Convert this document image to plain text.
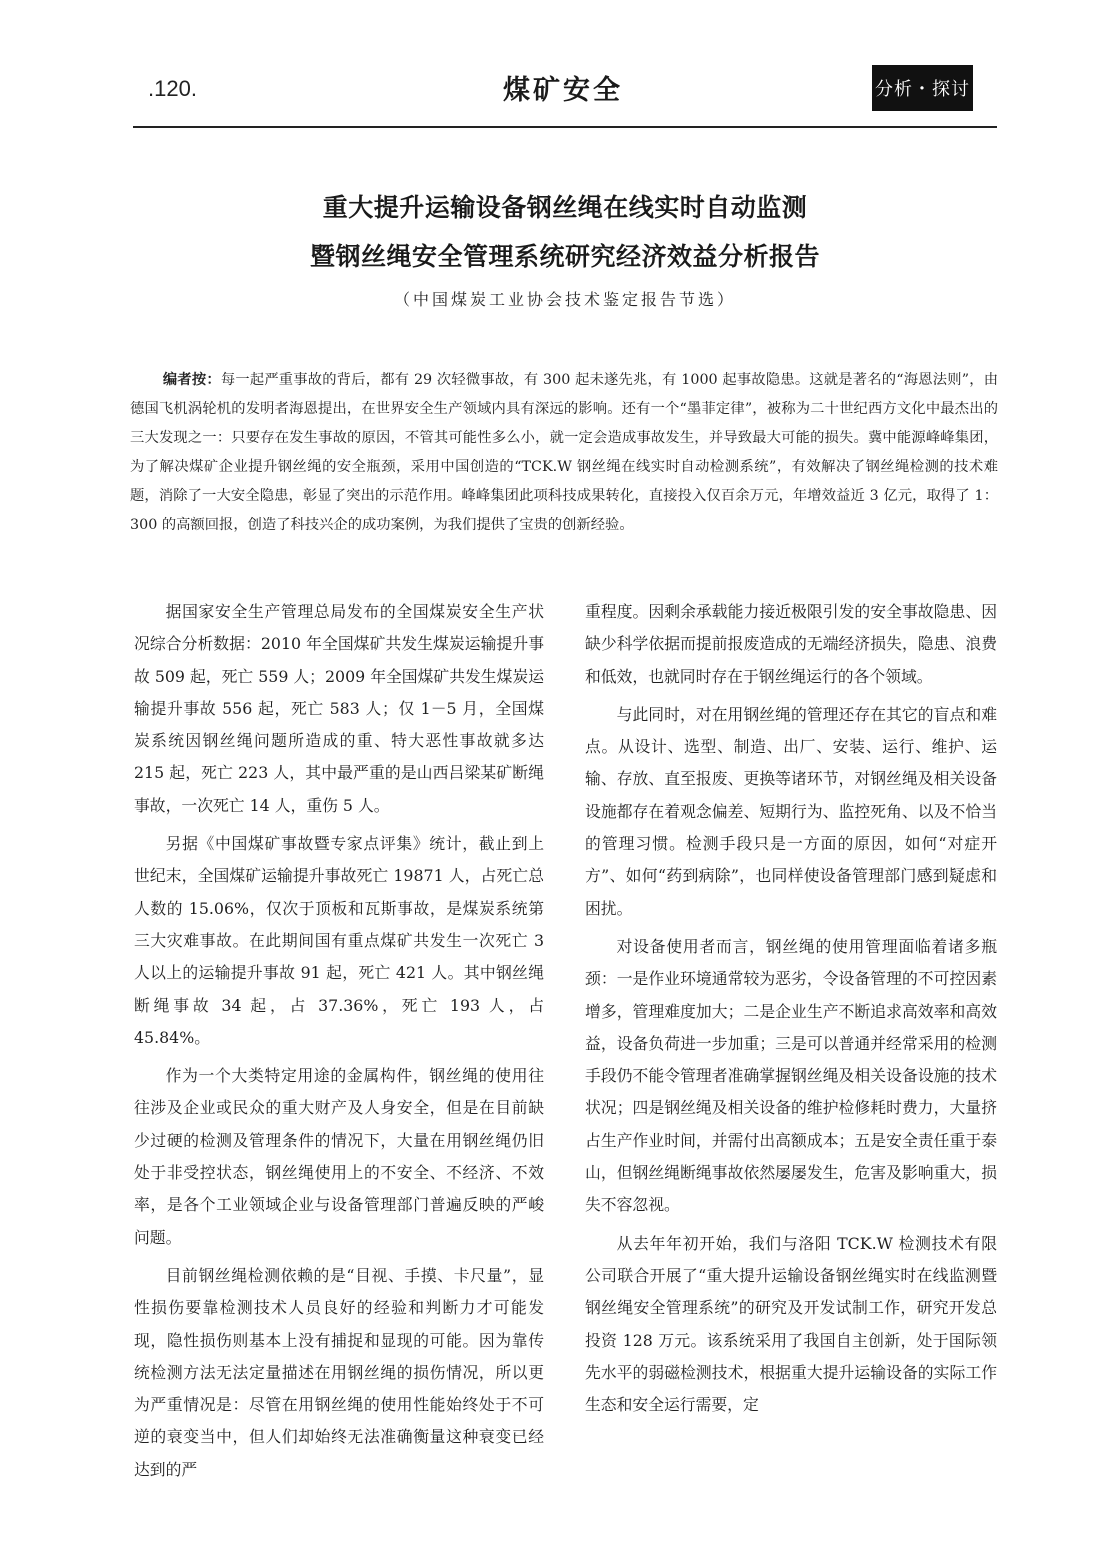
.120.	煤矿安全	分析・探讨
重大提升运输设备钢丝绳在线实时自动监测
暨钢丝绳安全管理系统研究经济效益分析报告
（中国煤炭工业协会技术鉴定报告节选）
编者按：每一起严重事故的背后，都有 29 次轻微事故，有 300 起未遂先兆，有 1000 起事故隐患。这就是著名的“海恩法则”，由德国飞机涡轮机的发明者海恩提出，在世界安全生产领域内具有深远的影响。还有一个“墨菲定律”，被称为二十世纪西方文化中最杰出的三大发现之一：只要存在发生事故的原因，不管其可能性多么小，就一定会造成事故发生，并导致最大可能的损失。冀中能源峰峰集团，为了解决煤矿企业提升钢丝绳的安全瓶颈，采用中国创造的“TCK.W 钢丝绳在线实时自动检测系统”，有效解决了钢丝绳检测的技术难题，消除了一大安全隐患，彰显了突出的示范作用。峰峰集团此项科技成果转化，直接投入仅百余万元，年增效益近 3 亿元，取得了 1：300 的高额回报，创造了科技兴企的成功案例，为我们提供了宝贵的创新经验。

据国家安全生产管理总局发布的全国煤炭安全生产状况综合分析数据：2010 年全国煤矿共发生煤炭运输提升事故 509 起，死亡 559 人；2009 年全国煤矿共发生煤炭运输提升事故 556 起，死亡 583 人；仅 1－5 月，全国煤炭系统因钢丝绳问题所造成的重、特大恶性事故就多达 215 起，死亡 223 人，其中最严重的是山西吕梁某矿断绳事故，一次死亡 14 人，重伤 5 人。

另据《中国煤矿事故暨专家点评集》统计，截止到上世纪末，全国煤矿运输提升事故死亡 19871 人，占死亡总人数的 15.06%，仅次于顶板和瓦斯事故，是煤炭系统第三大灾难事故。在此期间国有重点煤矿共发生一次死亡 3 人以上的运输提升事故 91 起，死亡 421 人。其中钢丝绳断绳事故 34 起，占 37.36%，死亡 193 人，占 45.84%。

作为一个大类特定用途的金属构件，钢丝绳的使用往往涉及企业或民众的重大财产及人身安全，但是在目前缺少过硬的检测及管理条件的情况下，大量在用钢丝绳仍旧处于非受控状态，钢丝绳使用上的不安全、不经济、不效率，是各个工业领域企业与设备管理部门普遍反映的严峻问题。

目前钢丝绳检测依赖的是“目视、手摸、卡尺量”，显性损伤要靠检测技术人员良好的经验和判断力才可能发现，隐性损伤则基本上没有捕捉和显现的可能。因为靠传统检测方法无法定量描述在用钢丝绳的损伤情况，所以更为严重情况是：尽管在用钢丝绳的使用性能始终处于不可逆的衰变当中，但人们却始终无法准确衡量这种衰变已经达到的严

重程度。因剩余承载能力接近极限引发的安全事故隐患、因缺少科学依据而提前报废造成的无端经济损失，隐患、浪费和低效，也就同时存在于钢丝绳运行的各个领域。

与此同时，对在用钢丝绳的管理还存在其它的盲点和难点。从设计、选型、制造、出厂、安装、运行、维护、运输、存放、直至报废、更换等诸环节，对钢丝绳及相关设备设施都存在着观念偏差、短期行为、监控死角、以及不恰当的管理习惯。检测手段只是一方面的原因，如何“对症开方”、如何“药到病除”，也同样使设备管理部门感到疑虑和困扰。

对设备使用者而言，钢丝绳的使用管理面临着诸多瓶颈：一是作业环境通常较为恶劣，令设备管理的不可控因素增多，管理难度加大；二是企业生产不断追求高效率和高效益，设备负荷进一步加重；三是可以普通并经常采用的检测手段仍不能令管理者准确掌握钢丝绳及相关设备设施的技术状况；四是钢丝绳及相关设备的维护检修耗时费力，大量挤占生产作业时间，并需付出高额成本；五是安全责任重于泰山，但钢丝绳断绳事故依然屡屡发生，危害及影响重大，损失不容忽视。

从去年年初开始，我们与洛阳 TCK.W 检测技术有限公司联合开展了“重大提升运输设备钢丝绳实时在线监测暨钢丝绳安全管理系统”的研究及开发试制工作，研究开发总投资 128 万元。该系统采用了我国自主创新，处于国际领先水平的弱磁检测技术，根据重大提升运输设备的实际工作生态和安全运行需要，定
